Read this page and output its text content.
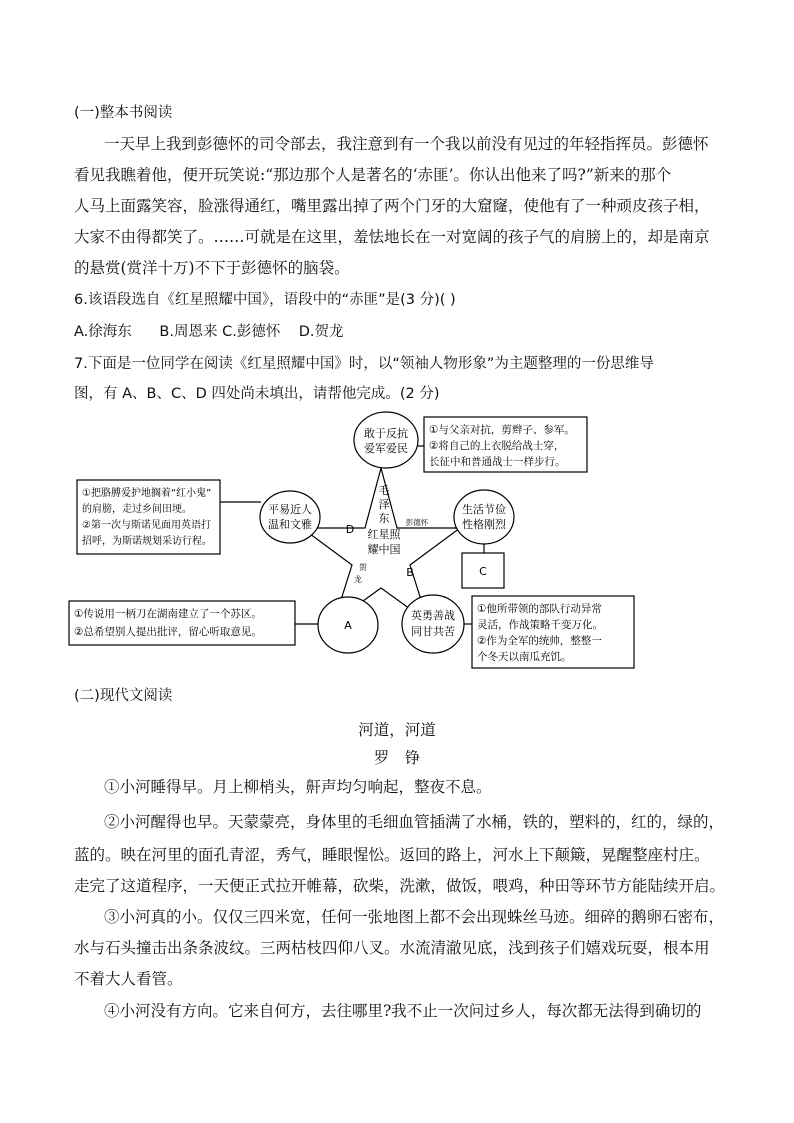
(一)整本书阅读
一天早上我到彭德怀的司令部去，我注意到有一个我以前没有见过的年轻指挥员。彭德怀
看见我瞧着他，便开玩笑说:“那边那个人是著名的‘赤匪’。你认出他来了吗?”新来的那个
人马上面露笑容，脸涨得通红，嘴里露出掉了两个门牙的大窟窿，使他有了一种顽皮孩子相，
大家不由得都笑了。……可就是在这里，羞怯地长在一对宽阔的孩子气的肩膀上的，却是南京
的悬赏(赏洋十万)不下于彭德怀的脑袋。
6.该语段选自《红星照耀中国》，语段中的“赤匪”是(3 分)( )
A.徐海东      B.周恩来 C.彭德怀    D.贺龙
7.下面是一位同学在阅读《红星照耀中国》时，以“领袖人物形象”为主题整理的一份思维导
图，有 A、B、C、D 四处尚未填出，请帮他完成。(2 分)
毛
泽
东
红星照
耀中国
D
彭德怀
B
贺
龙
敢于反抗
爱军爱民
平易近人
温和文雅
生活节俭
性格刚烈
A
英勇善战
同甘共苦
C
①与父亲对抗，剪辫子、参军。
②将自己的上衣脱给战士穿，
长征中和普通战士一样步行。
①把胳膊爱护地搁着“红小鬼”
的肩膀，走过乡间田埂。
②第一次与斯诺见面用英语打
招呼，为斯诺规划采访行程。
①传说用一柄刀在湖南建立了一个苏区。
②总希望别人提出批评，留心听取意见。
①他所带领的部队行动异常
灵活，作战策略千变万化。
②作为全军的统帅，整整一
个冬天以南瓜充饥。
(二)现代文阅读
河道，河道
罗　铮
①小河睡得早。月上柳梢头，鼾声均匀响起，整夜不息。
②小河醒得也早。天蒙蒙亮，身体里的毛细血管插满了水桶，铁的，塑料的，红的，绿的，
蓝的。映在河里的面孔青涩，秀气，睡眼惺忪。返回的路上，河水上下颠簸，晃醒整座村庄。
走完了这道程序，一天便正式拉开帷幕，砍柴，洗漱，做饭，喂鸡，种田等环节方能陆续开启。
③小河真的小。仅仅三四米宽，任何一张地图上都不会出现蛛丝马迹。细碎的鹅卵石密布，
水与石头撞击出条条波纹。三两枯枝四仰八叉。水流清澈见底，浅到孩子们嬉戏玩耍，根本用
不着大人看管。
④小河没有方向。它来自何方，去往哪里?我不止一次问过乡人，每次都无法得到确切的
